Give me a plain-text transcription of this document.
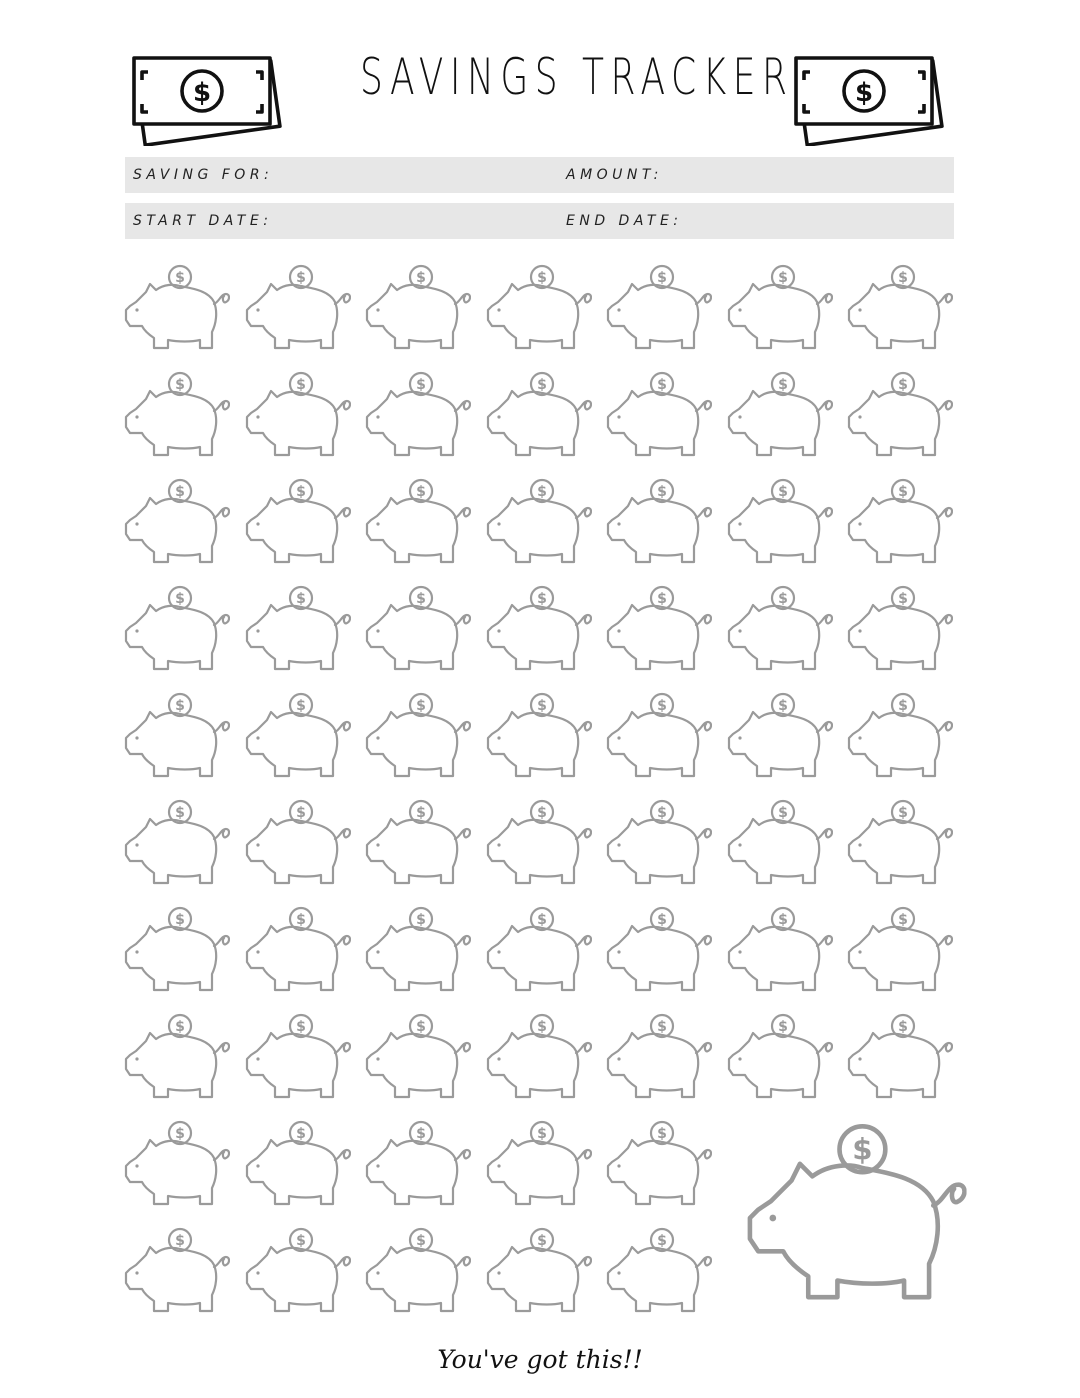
SAVINGS TRACKER
SAVING FOR:	AMOUNT:
START DATE:	END DATE:
You've got this!!
